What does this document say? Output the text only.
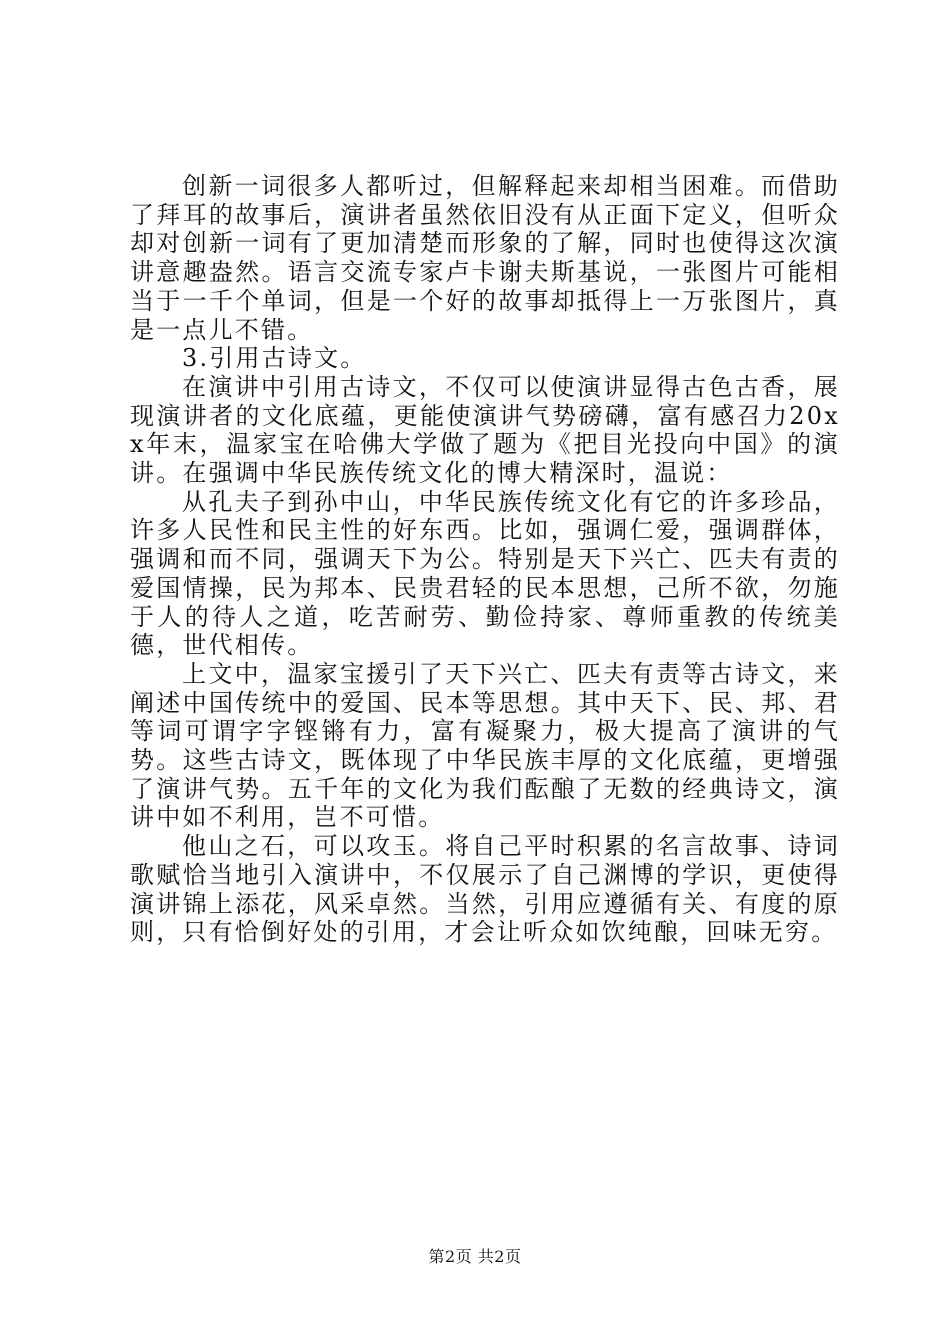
创新一词很多人都听过，但解释起来却相当困难。而借助了拜耳的故事后，演讲者虽然依旧没有从正面下定义，但听众却对创新一词有了更加清楚而形象的了解，同时也使得这次演讲意趣盎然。语言交流专家卢卡谢夫斯基说，一张图片可能相当于一千个单词，但是一个好的故事却抵得上一万张图片，真是一点儿不错。

3.引用古诗文。

在演讲中引用古诗文，不仅可以使演讲显得古色古香，展现演讲者的文化底蕴，更能使演讲气势磅礴，富有感召力20xx年末，温家宝在哈佛大学做了题为《把目光投向中国》的演讲。在强调中华民族传统文化的博大精深时，温说：

从孔夫子到孙中山，中华民族传统文化有它的许多珍品，许多人民性和民主性的好东西。比如，强调仁爱，强调群体，强调和而不同，强调天下为公。特别是天下兴亡、匹夫有责的爱国情操，民为邦本、民贵君轻的民本思想，己所不欲，勿施于人的待人之道，吃苦耐劳、勤俭持家、尊师重教的传统美德，世代相传。

上文中，温家宝援引了天下兴亡、匹夫有责等古诗文，来阐述中国传统中的爱国、民本等思想。其中天下、民、邦、君等词可谓字字铿锵有力，富有凝聚力，极大提高了演讲的气势。这些古诗文，既体现了中华民族丰厚的文化底蕴，更增强了演讲气势。五千年的文化为我们酝酿了无数的经典诗文，演讲中如不利用，岂不可惜。

他山之石，可以攻玉。将自己平时积累的名言故事、诗词歌赋恰当地引入演讲中，不仅展示了自己渊博的学识，更使得演讲锦上添花，风采卓然。当然，引用应遵循有关、有度的原则，只有恰倒好处的引用，才会让听众如饮纯酿，回味无穷。

第2页 共2页
